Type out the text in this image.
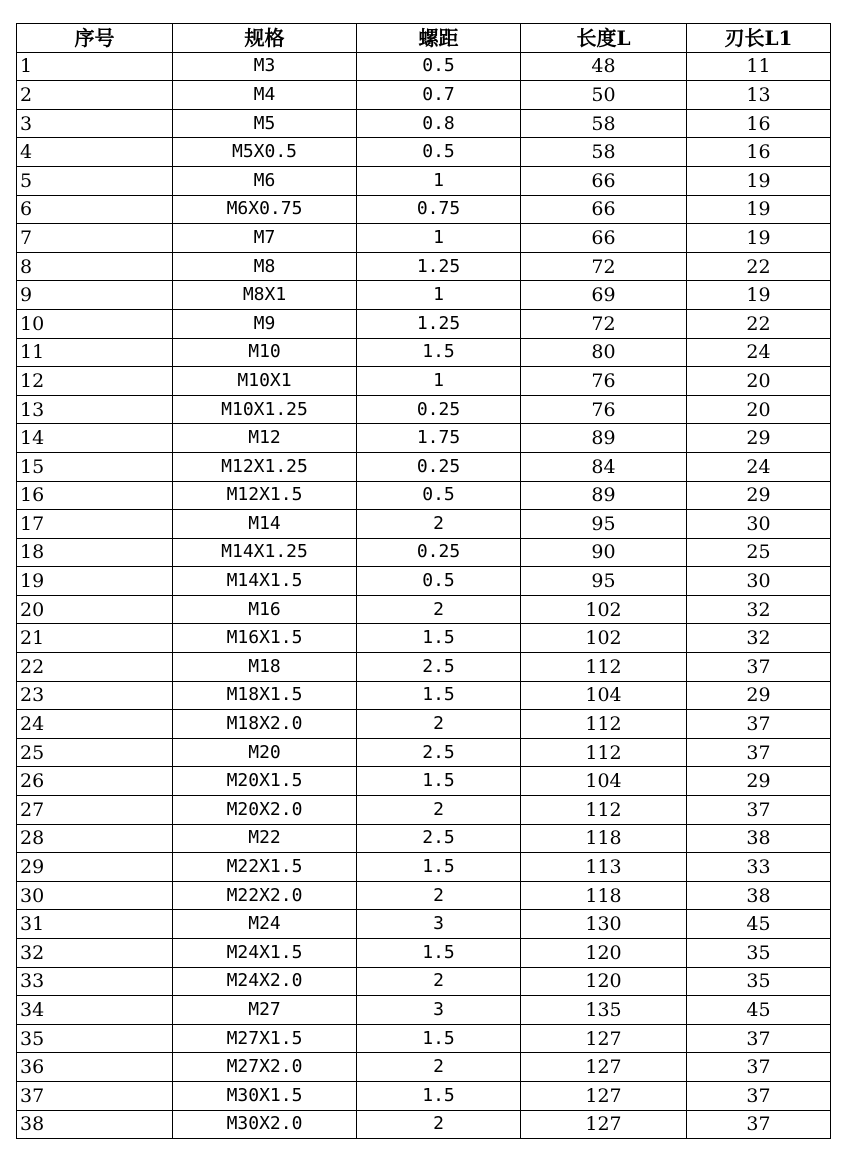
序号	规格	螺距	长度L	刃长L1
1	M3	0.5	48	11
2	M4	0.7	50	13
3	M5	0.8	58	16
4	M5X0.5	0.5	58	16
5	M6	1	66	19
6	M6X0.75	0.75	66	19
7	M7	1	66	19
8	M8	1.25	72	22
9	M8X1	1	69	19
10	M9	1.25	72	22
11	M10	1.5	80	24
12	M10X1	1	76	20
13	M10X1.25	0.25	76	20
14	M12	1.75	89	29
15	M12X1.25	0.25	84	24
16	M12X1.5	0.5	89	29
17	M14	2	95	30
18	M14X1.25	0.25	90	25
19	M14X1.5	0.5	95	30
20	M16	2	102	32
21	M16X1.5	1.5	102	32
22	M18	2.5	112	37
23	M18X1.5	1.5	104	29
24	M18X2.0	2	112	37
25	M20	2.5	112	37
26	M20X1.5	1.5	104	29
27	M20X2.0	2	112	37
28	M22	2.5	118	38
29	M22X1.5	1.5	113	33
30	M22X2.0	2	118	38
31	M24	3	130	45
32	M24X1.5	1.5	120	35
33	M24X2.0	2	120	35
34	M27	3	135	45
35	M27X1.5	1.5	127	37
36	M27X2.0	2	127	37
37	M30X1.5	1.5	127	37
38	M30X2.0	2	127	37
